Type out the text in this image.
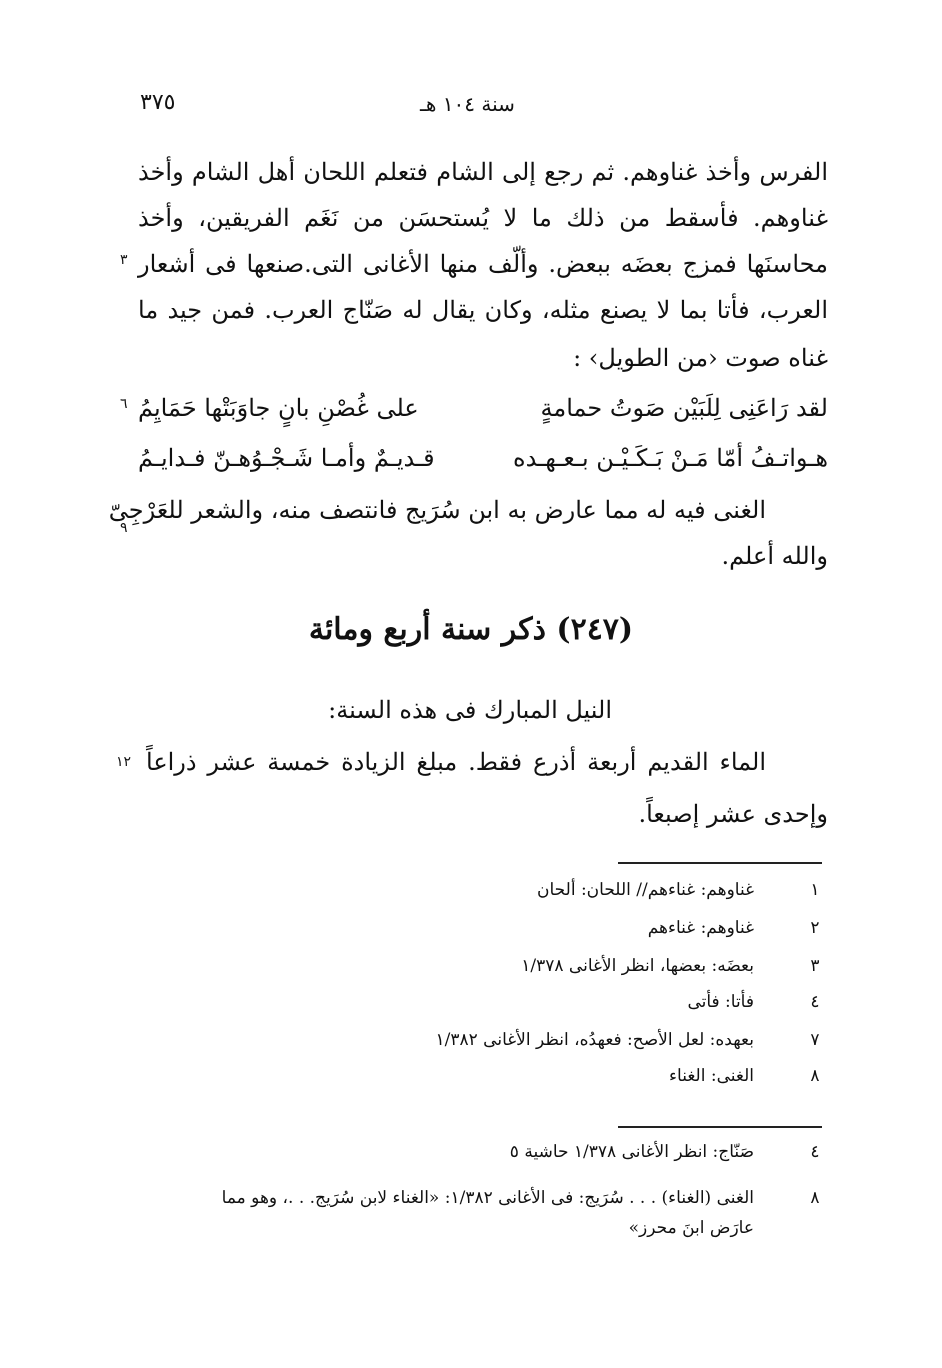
٣٧٥	سنة ١٠٤ هـ
الفرس وأخذ غناوهم. ثم رجع إلى الشام فتعلم اللحان أهل الشام وأخذ
غناوهم. فأسقط من ذلك ما لا يُستحسَن من نَغَم الفريقين، وأخذ
محاسنَها فمزج بعضَه ببعض. وألّف منها الأغانى التى.صنعها فى أشعار
العرب، فأتا بما لا يصنع مثله، وكان يقال له صَنّاج العرب. فمن جيد ما
غناه صوت ‹من الطويل› :
٣
لقد رَاعَنِى لِلَبَيْن صَوتُ حمامةٍ
على غُصْنِ بانٍ جاوَبَتْها حَمَايِمُ
٦
هـواتـفُ أمّا مَـنْ بَـكَـيْـن بـعـهـده
قـديـمٌ وأمـا شَـجْـوُهـنّ فـدايـمُ
الغنى فيه له مما عارض به ابن سُرَيج فانتصف منه، والشعر للعَرْجِىّ
٩
والله أعلم.
(٢٤٧) ذكر سنة أربع ومائة
النيل المبارك فى هذه السنة:
الماء القديم أربعة أذرع فقط. مبلغ الزيادة خمسة عشر ذراعاً
١٢
وإحدى عشر إصبعاً.
١
غناوهم: غناءهم// اللحان: ألحان
٢
غناوهم: غناءهم
٣
بعضَه: بعضها، انظر الأغانى ١/٣٧٨
٤
فأتا: فأتى
٧
بعهده: لعل الأصح: فعهدُه، انظر الأغانى ١/٣٨٢
٨
الغنى: الغناء
٤
صَنّاج: انظر الأغانى ١/٣٧٨ حاشية ٥
٨
الغنى (الغناء) . . . سُرَيج: فى الأغانى ١/٣٨٢: «الغناء لابن سُرَيج. . .، وهو مما
عارَض ابنَ محرز»
